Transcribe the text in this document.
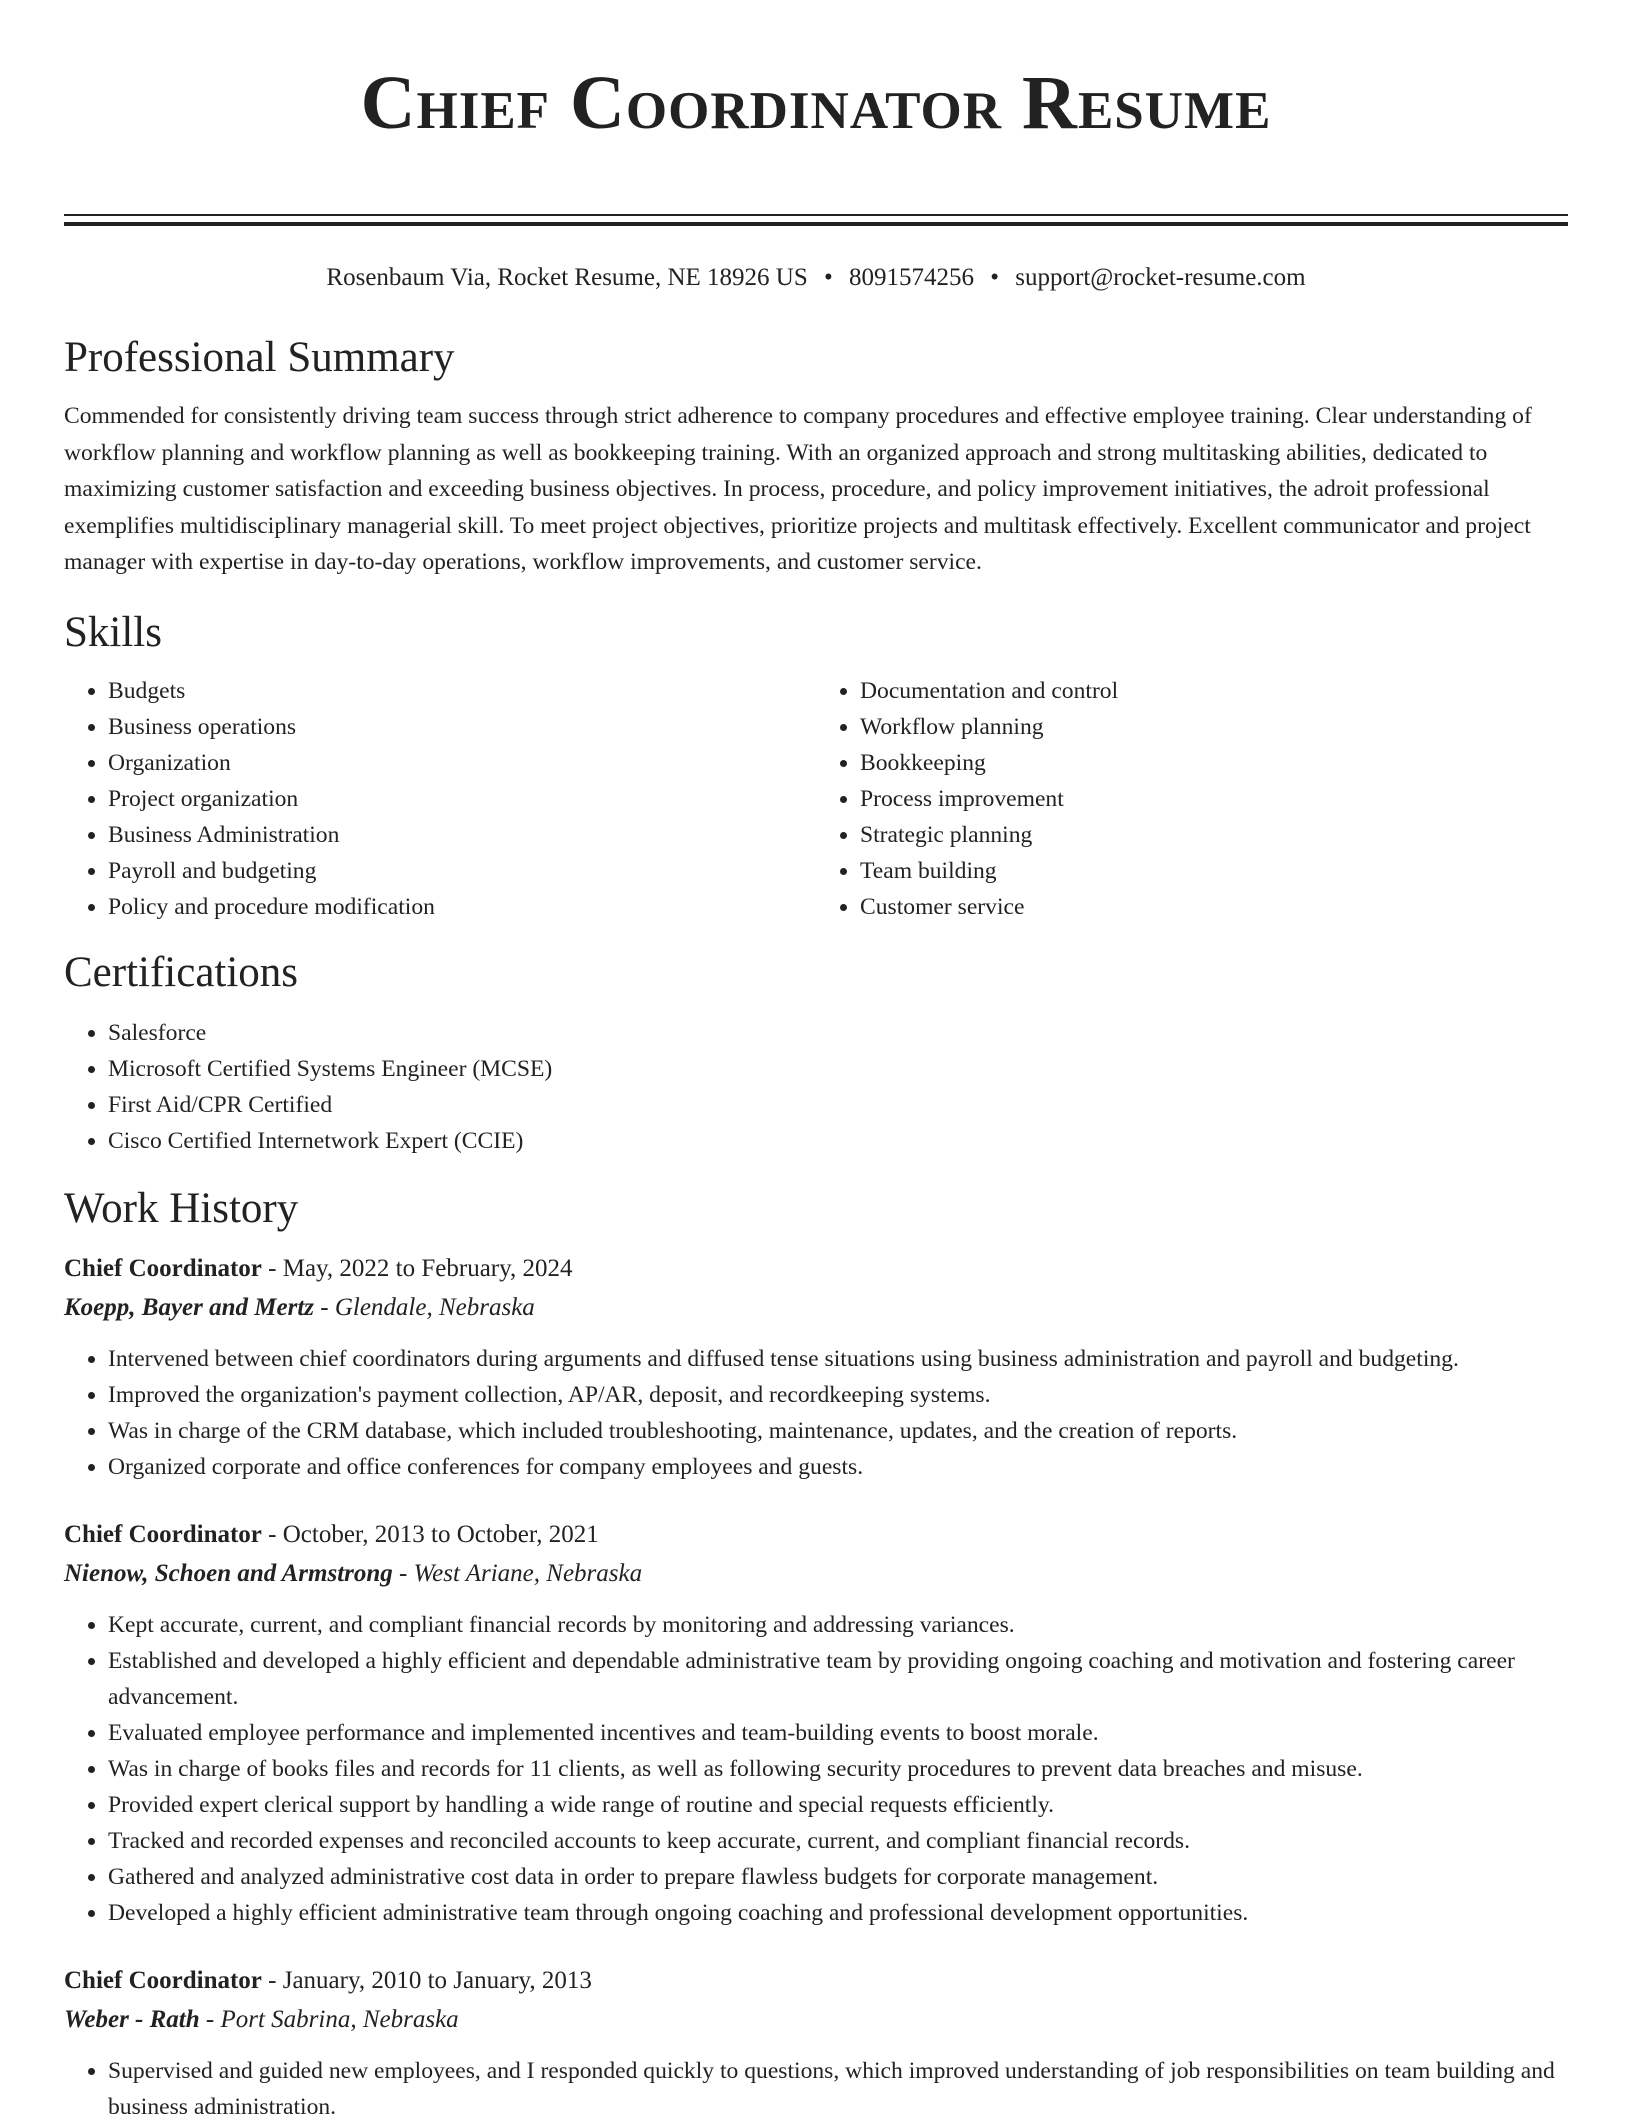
Chief Coordinator Resume
Rosenbaum Via, Rocket Resume, NE 18926 US • 8091574256 • support@rocket-resume.com
Professional Summary

Commended for consistently driving team success through strict adherence to company procedures and effective employee training. Clear understanding of workflow planning and workflow planning as well as bookkeeping training. With an organized approach and strong multitasking abilities, dedicated to maximizing customer satisfaction and exceeding business objectives. In process, procedure, and policy improvement initiatives, the adroit professional exemplifies multidisciplinary managerial skill. To meet project objectives, prioritize projects and multitask effectively. Excellent communicator and project manager with expertise in day-to-day operations, workflow improvements, and customer service.

Skills
• Budgets
• Business operations
• Organization
• Project organization
• Business Administration
• Payroll and budgeting
• Policy and procedure modification
• Documentation and control
• Workflow planning
• Bookkeeping
• Process improvement
• Strategic planning
• Team building
• Customer service
Certifications
• Salesforce
• Microsoft Certified Systems Engineer (MCSE)
• First Aid/CPR Certified
• Cisco Certified Internetwork Expert (CCIE)
Work History
Chief Coordinator - May, 2022 to February, 2024
Koepp, Bayer and Mertz - Glendale, Nebraska
• Intervened between chief coordinators during arguments and diffused tense situations using business administration and payroll and budgeting.
• Improved the organization's payment collection, AP/AR, deposit, and recordkeeping systems.
• Was in charge of the CRM database, which included troubleshooting, maintenance, updates, and the creation of reports.
• Organized corporate and office conferences for company employees and guests.
Chief Coordinator - October, 2013 to October, 2021
Nienow, Schoen and Armstrong - West Ariane, Nebraska
• Kept accurate, current, and compliant financial records by monitoring and addressing variances.
• Established and developed a highly efficient and dependable administrative team by providing ongoing coaching and motivation and fostering career advancement.
• Evaluated employee performance and implemented incentives and team-building events to boost morale.
• Was in charge of books files and records for 11 clients, as well as following security procedures to prevent data breaches and misuse.
• Provided expert clerical support by handling a wide range of routine and special requests efficiently.
• Tracked and recorded expenses and reconciled accounts to keep accurate, current, and compliant financial records.
• Gathered and analyzed administrative cost data in order to prepare flawless budgets for corporate management.
• Developed a highly efficient administrative team through ongoing coaching and professional development opportunities.
Chief Coordinator - January, 2010 to January, 2013
Weber - Rath - Port Sabrina, Nebraska
• Supervised and guided new employees, and I responded quickly to questions, which improved understanding of job responsibilities on team building and business administration.
